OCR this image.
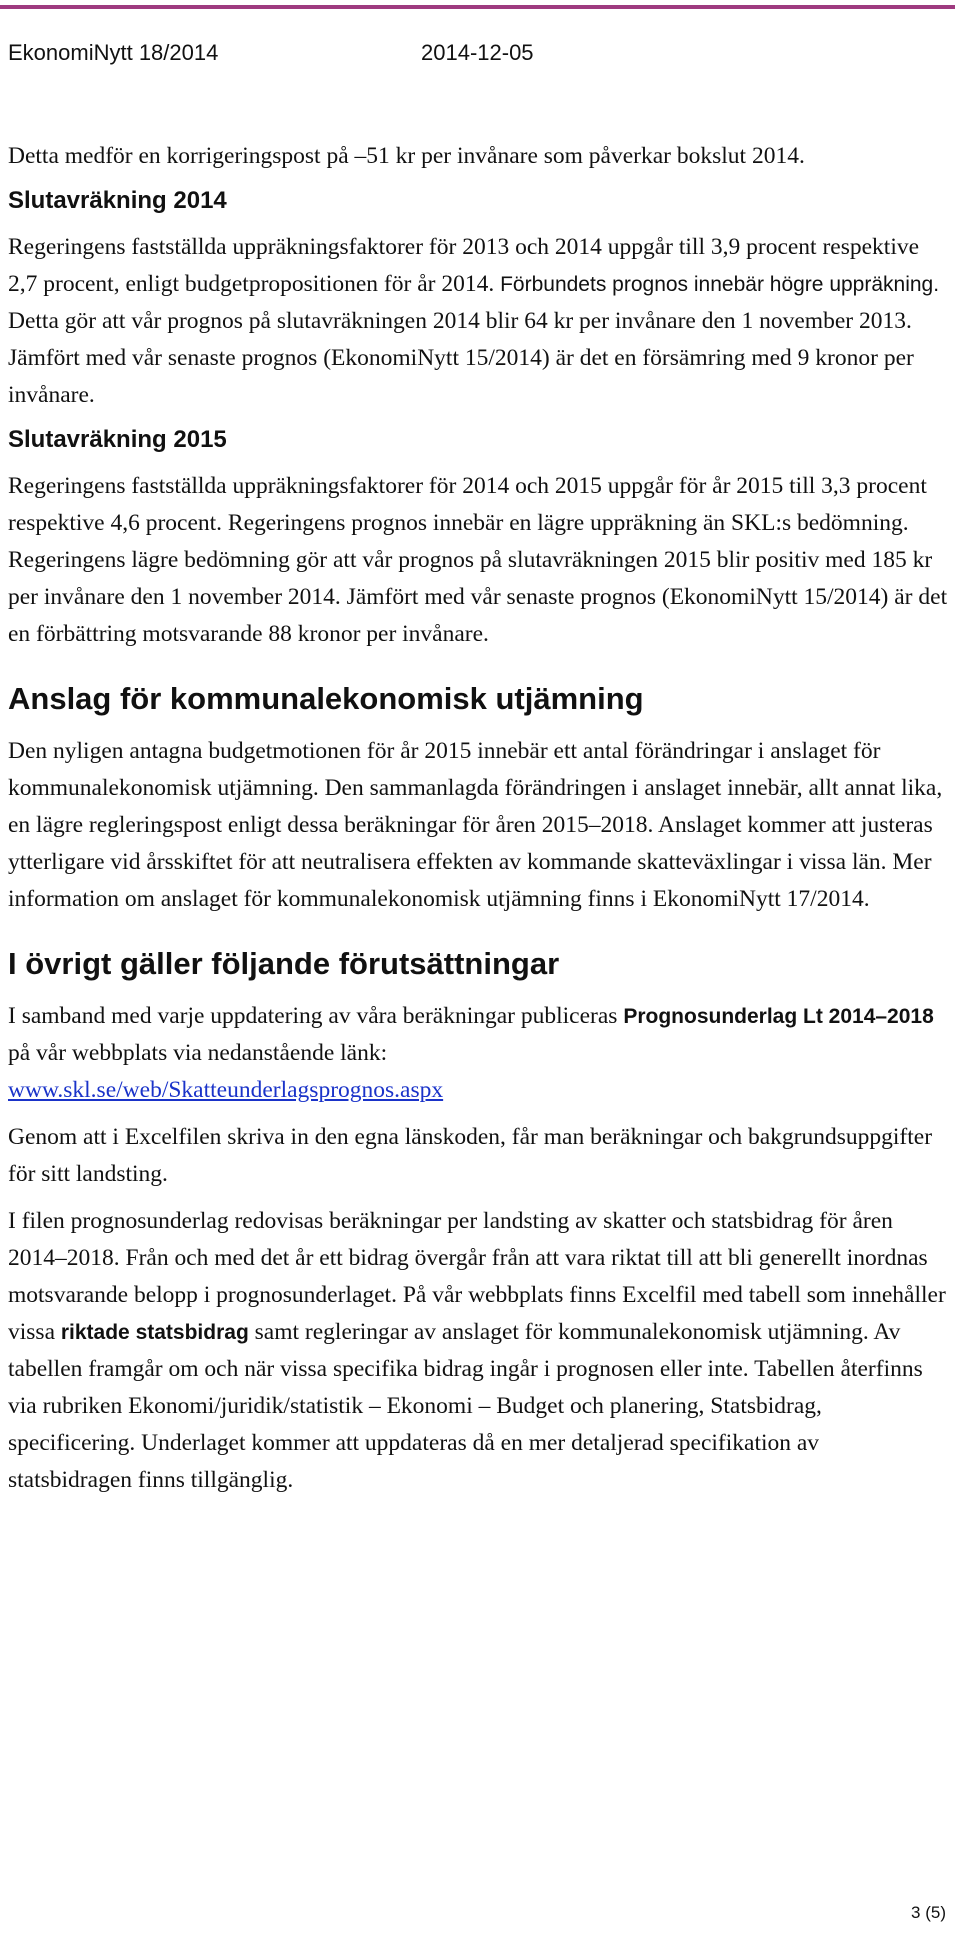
EkonomiNytt 18/2014	2014-12-05

Detta medför en korrigeringspost på –51 kr per invånare som påverkar bokslut 2014.

Slutavräkning 2014

Regeringens fastställda uppräkningsfaktorer för 2013 och 2014 uppgår till 3,9 procent respektive 2,7 procent, enligt budgetpropositionen för år 2014. Förbundets prognos innebär högre uppräkning. Detta gör att vår prognos på slutavräkningen 2014 blir 64 kr per invånare den 1 november 2013. Jämfört med vår senaste prognos (EkonomiNytt 15/2014) är det en försämring med 9 kronor per invånare.

Slutavräkning 2015

Regeringens fastställda uppräkningsfaktorer för 2014 och 2015 uppgår för år 2015 till 3,3 procent respektive 4,6 procent. Regeringens prognos innebär en lägre uppräkning än SKL:s bedömning. Regeringens lägre bedömning gör att vår prognos på slutavräkningen 2015 blir positiv med 185 kr per invånare den 1 november 2014. Jämfört med vår senaste prognos (EkonomiNytt 15/2014) är det en förbättring motsvarande 88 kronor per invånare.

Anslag för kommunalekonomisk utjämning

Den nyligen antagna budgetmotionen för år 2015 innebär ett antal förändringar i anslaget för kommunalekonomisk utjämning. Den sammanlagda förändringen i anslaget innebär, allt annat lika, en lägre regleringspost enligt dessa beräkningar för åren 2015–2018. Anslaget kommer att justeras ytterligare vid årsskiftet för att neutralisera effekten av kommande skatteväxlingar i vissa län. Mer information om anslaget för kommunalekonomisk utjämning finns i EkonomiNytt 17/2014.

I övrigt gäller följande förutsättningar

I samband med varje uppdatering av våra beräkningar publiceras Prognosunderlag Lt 2014–2018 på vår webbplats via nedanstående länk:
www.skl.se/web/Skatteunderlagsprognos.aspx

Genom att i Excelfilen skriva in den egna länskoden, får man beräkningar och bakgrundsuppgifter för sitt landsting.

I filen prognosunderlag redovisas beräkningar per landsting av skatter och statsbidrag för åren 2014–2018. Från och med det år ett bidrag övergår från att vara riktat till att bli generellt inordnas motsvarande belopp i prognosunderlaget. På vår webbplats finns Excelfil med tabell som innehåller vissa riktade statsbidrag samt regleringar av anslaget för kommunalekonomisk utjämning. Av tabellen framgår om och när vissa specifika bidrag ingår i prognosen eller inte. Tabellen återfinns via rubriken Ekonomi/juridik/statistik – Ekonomi – Budget och planering, Statsbidrag, specificering. Underlaget kommer att uppdateras då en mer detaljerad specifikation av statsbidragen finns tillgänglig.

3 (5)
